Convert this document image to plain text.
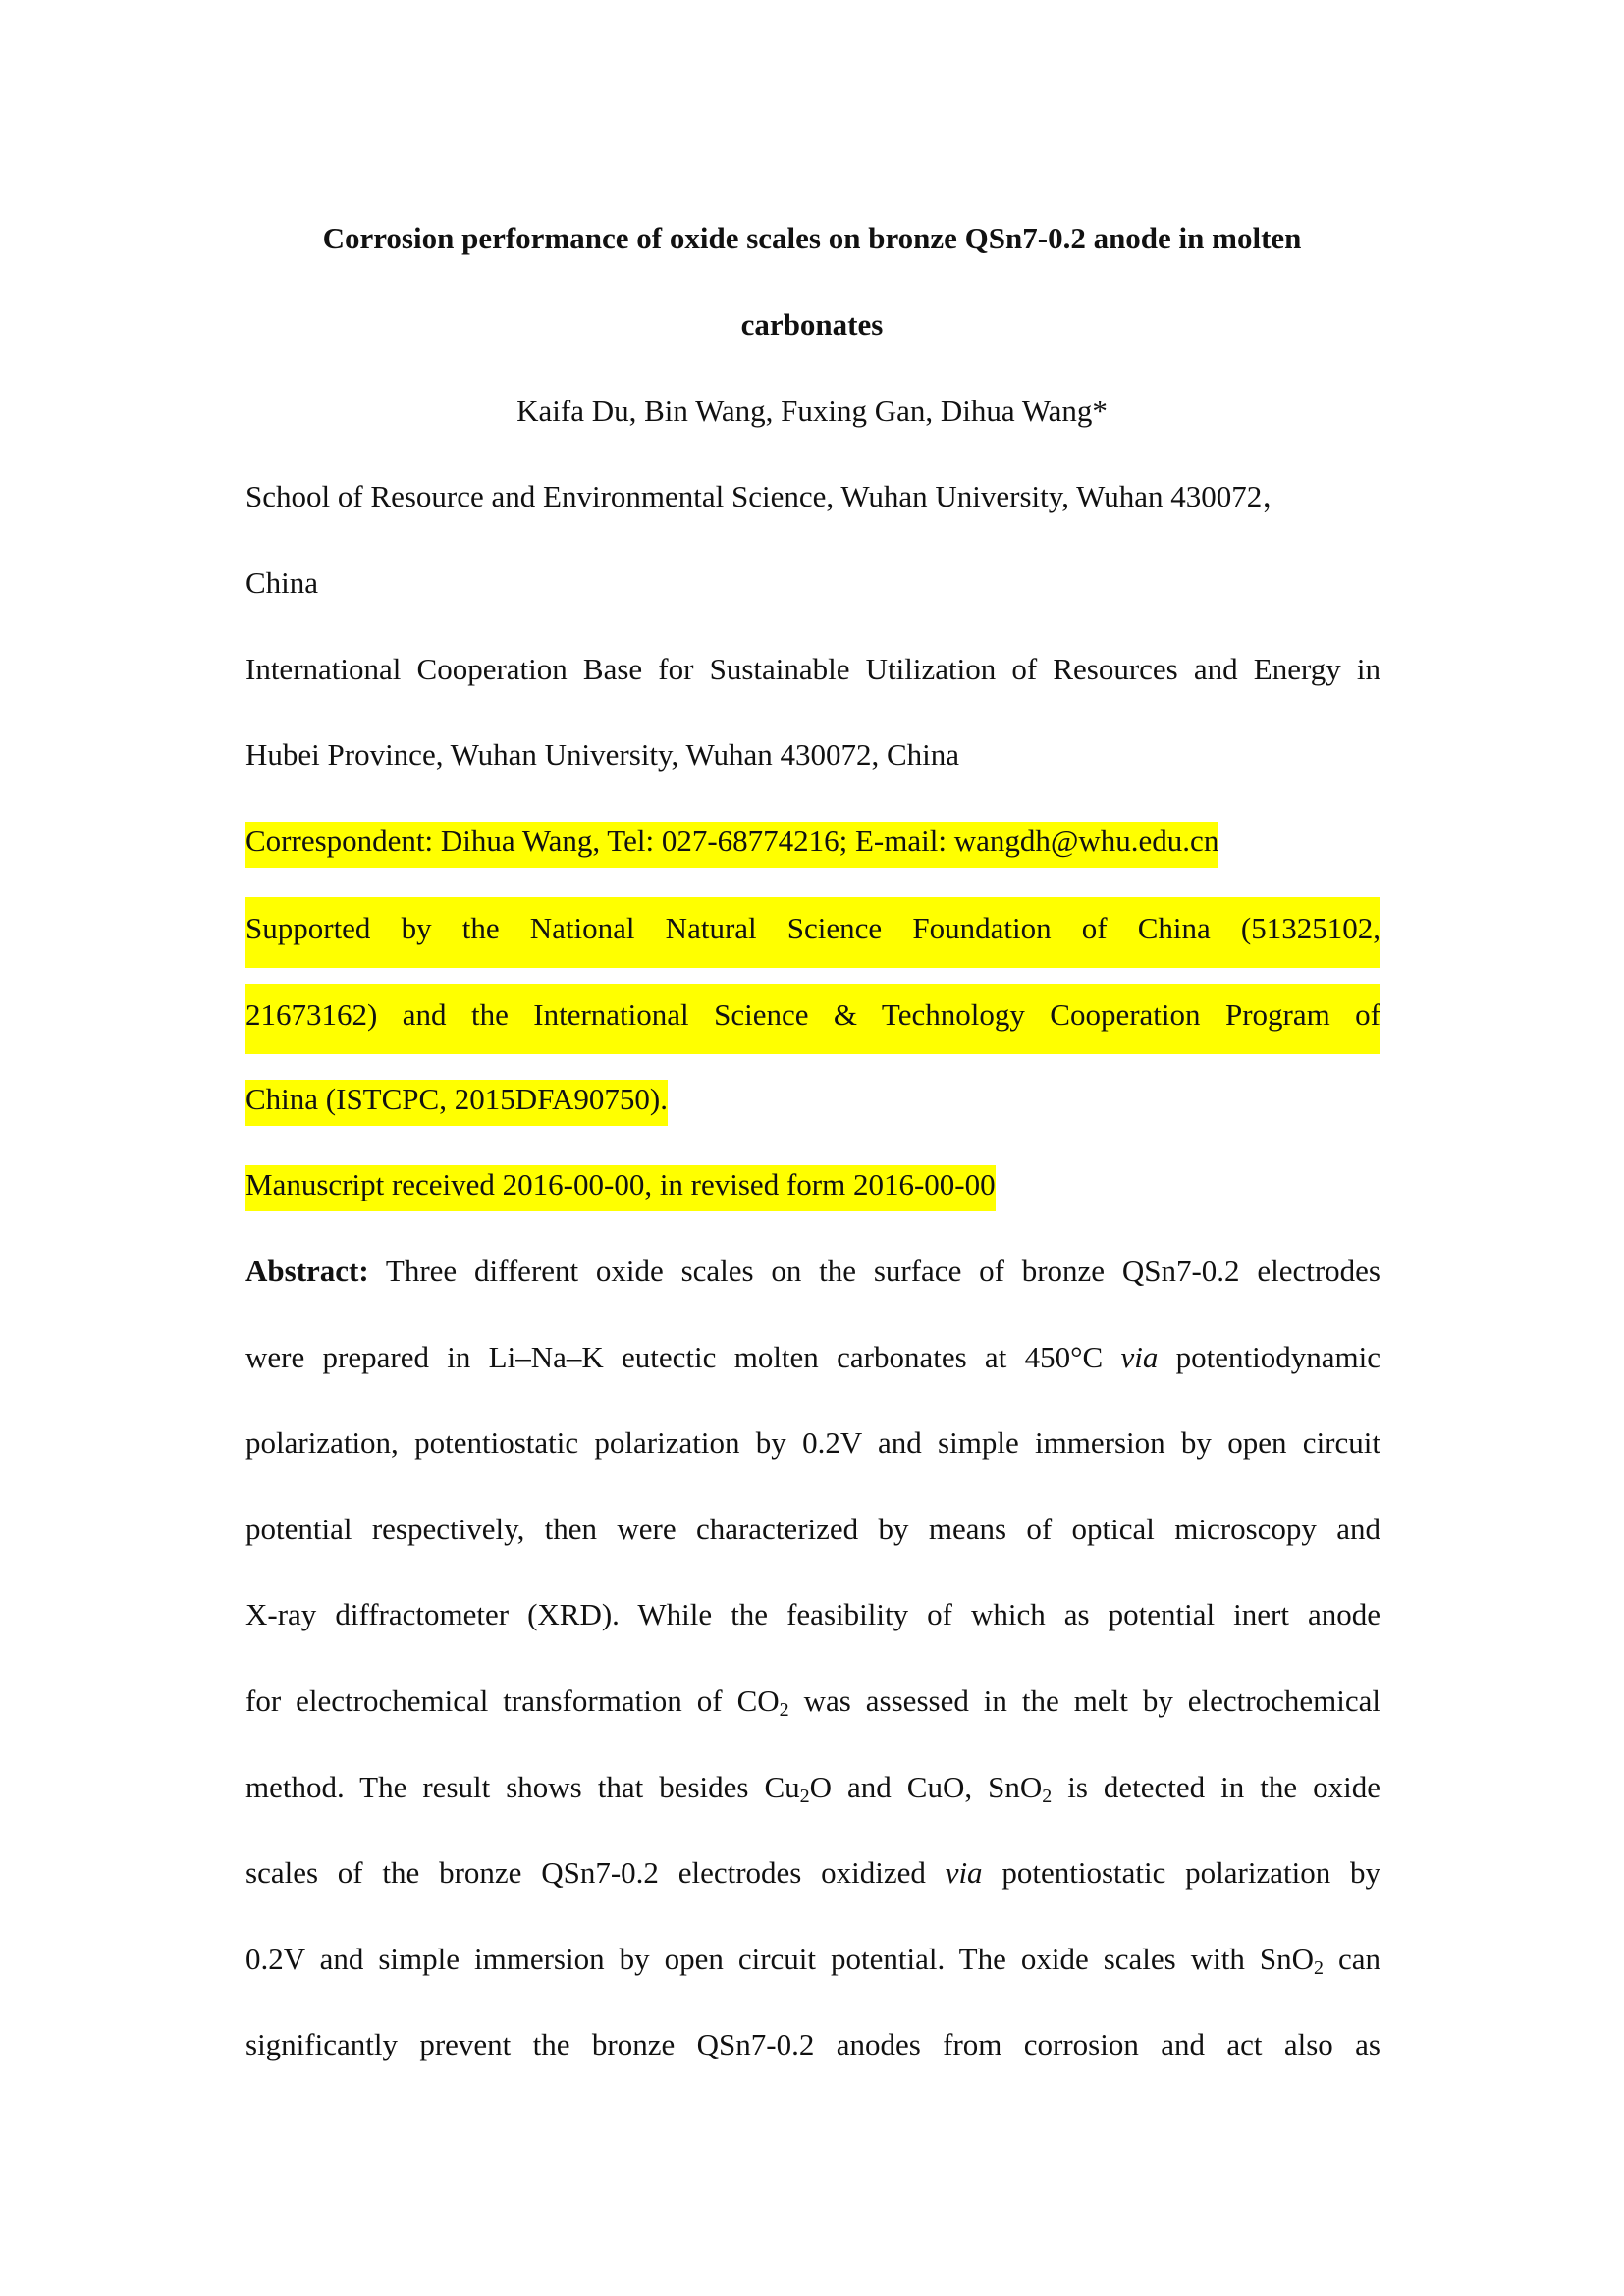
Corrosion performance of oxide scales on bronze QSn7-0.2 anode in molten
carbonates
Kaifa Du, Bin Wang, Fuxing Gan, Dihua Wang*
School of Resource and Environmental Science, Wuhan University, Wuhan 430072，
China
International Cooperation Base for Sustainable Utilization of Resources and Energy in
Hubei Province, Wuhan University, Wuhan 430072, China
Correspondent: Dihua Wang, Tel: 027-68774216; E-mail: wangdh@whu.edu.cn
Supported by the National Natural Science Foundation of China (51325102,
21673162) and the International Science & Technology Cooperation Program of
China (ISTCPC, 2015DFA90750).
Manuscript received 2016-00-00, in revised form 2016-00-00
Abstract: Three different oxide scales on the surface of bronze QSn7-0.2 electrodes
were prepared in Li–Na–K eutectic molten carbonates at 450°C via potentiodynamic
polarization, potentiostatic polarization by 0.2V and simple immersion by open circuit
potential respectively, then were characterized by means of optical microscopy and
X-ray diffractometer (XRD). While the feasibility of which as potential inert anode
for electrochemical transformation of $CO_2$ was assessed in the melt by electrochemical
method. The result shows that besides $Cu_2O$ and CuO, SnO$_2$ is detected in the oxide
scales of the bronze QSn7-0.2 electrodes oxidized via potentiostatic polarization by
0.2V and simple immersion by open circuit potential. The oxide scales with SnO$_2$ can
significantly prevent the bronze QSn7-0.2 anodes from corrosion and act also as
